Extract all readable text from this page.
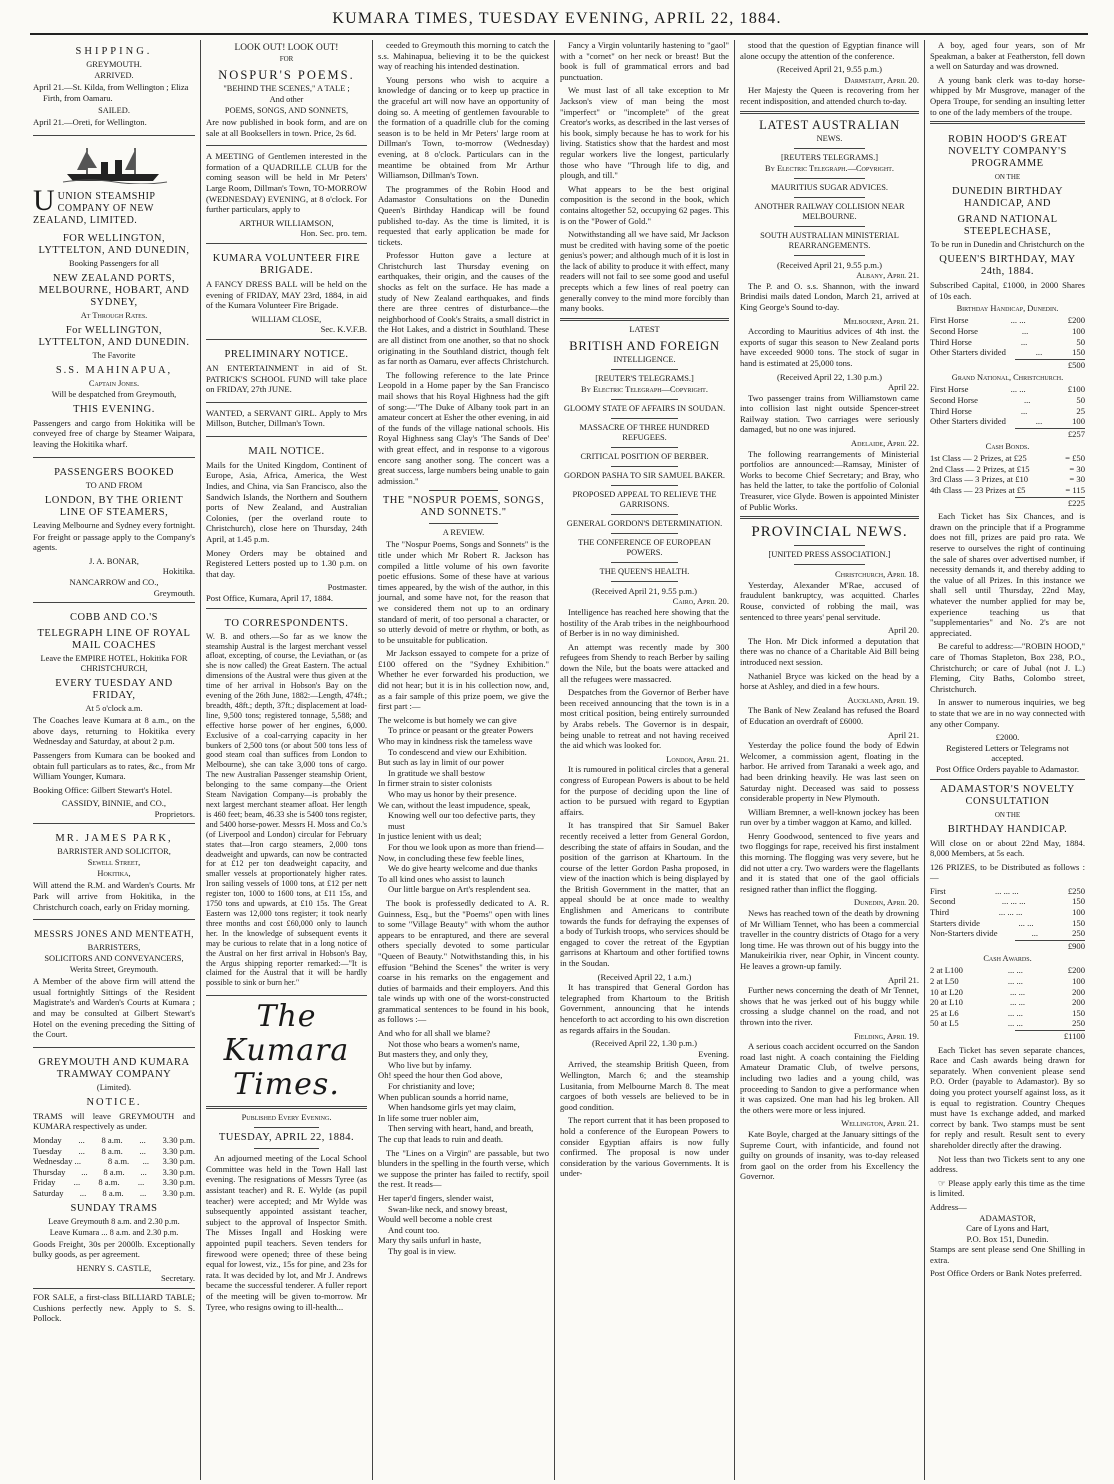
KUMARA TIMES, TUESDAY EVENING, APRIL 22, 1884.
SHIPPING.
GREYMOUTH.
ARRIVED.

April 21.—St. Kilda, from Wellington ; Eliza Firth, from Oamaru.

SAILED.

April 21.—Oreti, for Wellington.

U UNION STEAMSHIP COMPANY OF NEW ZEALAND, LIMITED.
FOR WELLINGTON, LYTTELTON, AND DUNEDIN,
Booking Passengers for all
NEW ZEALAND PORTS, MELBOURNE, HOBART, AND SYDNEY,
At Through Rates.
For WELLINGTON, LYTTELTON, AND DUNEDIN.
The Favorite
S.S. MAHINAPUA,
Captain Jones.
Will be despatched from Greymouth,
THIS EVENING.

Passengers and cargo from Hokitika will be conveyed free of charge by Steamer Waipara, leaving the Hokitika wharf.

PASSENGERS BOOKED
TO AND FROM
LONDON, BY THE ORIENT LINE OF STEAMERS,
Leaving Melbourne and Sydney every fortnight.

For freight or passage apply to the Company's agents.

J. A. BONAR,
Hokitika.
NANCARROW and CO.,
Greymouth.
COBB AND CO.'S
TELEGRAPH LINE OF ROYAL MAIL COACHES
Leave the EMPIRE HOTEL, Hokitika FOR CHRISTCHURCH,
EVERY TUESDAY AND FRIDAY,
At 5 o'clock a.m.

The Coaches leave Kumara at 8 a.m., on the above days, returning to Hokitika every Wednesday and Saturday, at about 2 p.m.

Passengers from Kumara can be booked and obtain full particulars as to rates, &c., from Mr William Younger, Kumara.

Booking Office: Gilbert Stewart's Hotel.

CASSIDY, BINNIE, and CO.,
Proprietors.
MR. JAMES PARK,
BARRISTER AND SOLICITOR,
Sewell Street,
Hokitika,

Will attend the R.M. and Warden's Courts. Mr Park will arrive from Hokitika, in the Christchurch coach, early on Friday morning.

MESSRS JONES AND MENTEATH,
BARRISTERS,
SOLICITORS AND CONVEYANCERS,
Werita Street, Greymouth.

A Member of the above firm will attend the usual fortnightly Sittings of the Resident Magistrate's and Warden's Courts at Kumara ; and may be consulted at Gilbert Stewart's Hotel on the evening preceding the Sitting of the Court.

GREYMOUTH AND KUMARA TRAMWAY COMPANY
(Limited).
NOTICE.

TRAMS will leave GREYMOUTH and KUMARA respectively as under.

Monday ... 8 a.m. ... 3.30 p.m.
Tuesday ... 8 a.m. ... 3.30 p.m.
Wednesday ...	8 a.m. ... 3.30 p.m.
Thursday ... 8 a.m. ... 3.30 p.m.
Friday ... 8 a.m. ... 3.30 p.m.
Saturday ... 8 a.m. ... 3.30 p.m.
SUNDAY TRAMS
Leave Greymouth 8 a.m. and 2.30 p.m.
Leave Kumara ... 8 a.m. and 2.30 p.m.

Goods Freight, 30s per 2000lb. Exceptionally bulky goods, as per agreement.

HENRY S. CASTLE,
Secretary.

FOR SALE, a first-class BILLIARD TABLE; Cushions perfectly new. Apply to S. S. Pollock.

LOOK OUT! LOOK OUT!
FOR
NOSPUR'S POEMS.
"BEHIND THE SCENES," A TALE ;
And other
POEMS, SONGS, AND SONNETS,

Are now published in book form, and are on sale at all Booksellers in town. Price, 2s 6d.

A MEETING of Gentlemen interested in the formation of a QUADRILLE CLUB for the coming season will be held in Mr Peters' Large Room, Dillman's Town, TO-MORROW (WEDNESDAY) EVENING, at 8 o'clock. For further particulars, apply to

ARTHUR WILLIAMSON,
Hon. Sec. pro. tem.
KUMARA VOLUNTEER FIRE BRIGADE.

A FANCY DRESS BALL will be held on the evening of FRIDAY, MAY 23rd, 1884, in aid of the Kumara Volunteer Fire Brigade.

WILLIAM CLOSE,
Sec. K.V.F.B.
PRELIMINARY NOTICE.

AN ENTERTAINMENT in aid of St. PATRICK'S SCHOOL FUND will take place on FRIDAY, 27th JUNE.

WANTED, a SERVANT GIRL. Apply to Mrs Millson, Butcher, Dillman's Town.

MAIL NOTICE.

Mails for the United Kingdom, Continent of Europe, Asia, Africa, America, the West Indies, and China, via San Francisco, also the Sandwich Islands, the Northern and Southern ports of New Zealand, and Australian Colonies, (per the overland route to Christchurch), close here on Thursday, 24th April, at 1.45 p.m.

Money Orders may be obtained and Registered Letters posted up to 1.30 p.m. on that day.

Postmaster.
Post Office, Kumara, April 17, 1884.
TO CORRESPONDENTS.

W. B. and others.—So far as we know the steamship Austral is the largest merchant vessel afloat, excepting, of course, the Leviathan, or (as she is now called) the Great Eastern. The actual dimensions of the Austral were thus given at the time of her arrival in Hobson's Bay on the evening of the 26th June, 1882:—Length, 474ft.; breadth, 48ft.; depth, 37ft.; displacement at load-line, 9,500 tons; registered tonnage, 5,588; and effective horse power of her engines, 6,000. Exclusive of a coal-carrying capacity in her bunkers of 2,500 tons (or about 500 tons less of good steam coal than suffices from London to Melbourne), she can take 3,000 tons of cargo. The new Australian Passenger steamship Orient, belonging to the same company—the Orient Steam Navigation Company—is probably the next largest merchant steamer afloat. Her length is 460 feet; beam, 46.33 she is 5400 tons register, and 5400 horse-power. Messrs H. Moss and Co.'s (of Liverpool and London) circular for February states that—Iron cargo steamers, 2,000 tons deadweight and upwards, can now be contracted for at £12 per ton deadweight capacity, and smaller vessels at proportionately higher rates. Iron sailing vessels of 1000 tons, at £12 per nett register ton, 1000 to 1600 tons, at £11 15s, and 1750 tons and upwards, at £10 15s. The Great Eastern was 12,000 tons register; it took nearly three months and cost £60,000 only to launch her. In the knowledge of subsequent events it may be curious to relate that in a long notice of the Austral on her first arrival in Hobson's Bay, the Argus shipping reporter remarked:—"It is claimed for the Austral that it will be hardly possible to sink or burn her."

The Kumara Times.
Published Every Evening.
TUESDAY, APRIL 22, 1884.

An adjourned meeting of the Local School Committee was held in the Town Hall last evening. The resignations of Messrs Tyree (as assistant teacher) and R. E. Wylde (as pupil teacher) were accepted; and Mr Wylde was subsequently appointed assistant teacher, subject to the approval of Inspector Smith. The Misses Ingall and Hosking were appointed pupil teachers. Seven tenders for firewood were opened; three of these being equal for lowest, viz., 15s for pine, and 23s for rata. It was decided by lot, and Mr J. Andrews became the successful tenderer. A fuller report of the meeting will be given to-morrow. Mr Tyree, who resigns owing to ill-health...

ceeded to Greymouth this morning to catch the s.s. Mahinapua, believing it to be the quickest way of reaching his intended destination.

Young persons who wish to acquire a knowledge of dancing or to keep up practice in the graceful art will now have an opportunity of doing so. A meeting of gentlemen favourable to the formation of a quadrille club for the coming season is to be held in Mr Peters' large room at Dillman's Town, to-morrow (Wednesday) evening, at 8 o'clock. Particulars can in the meantime be obtained from Mr Arthur Williamson, Dillman's Town.

The programmes of the Robin Hood and Adamastor Consultations on the Dunedin Queen's Birthday Handicap will be found published to-day. As the time is limited, it is requested that early application be made for tickets.

Professor Hutton gave a lecture at Christchurch last Thursday evening on earthquakes, their origin, and the causes of the shocks as felt on the surface. He has made a study of New Zealand earthquakes, and finds there are three centres of disturbance—the neighborhood of Cook's Straits, a small district in the Hot Lakes, and a district in Southland. These are all distinct from one another, so that no shock originating in the Southland district, though felt as far north as Oamaru, ever affects Christchurch.

The following reference to the late Prince Leopold in a Home paper by the San Francisco mail shows that his Royal Highness had the gift of song:—"The Duke of Albany took part in an amateur concert at Esher the other evening, in aid of the funds of the village national schools. His Royal Highness sang Clay's 'The Sands of Dee' with great effect, and in response to a vigorous encore sang another song. The concert was a great success, large numbers being unable to gain admission."

THE "NOSPUR POEMS, SONGS, AND SONNETS."
A REVIEW.

The "Nospur Poems, Songs and Sonnets" is the title under which Mr Robert R. Jackson has compiled a little volume of his own favorite poetic effusions. Some of these have at various times appeared, by the wish of the author, in this journal, and some have not, for the reason that we considered them not up to an ordinary standard of merit, of too personal a character, or so utterly devoid of metre or rhythm, or both, as to be unsuitable for publication.

Mr Jackson essayed to compete for a prize of £100 offered on the "Sydney Exhibition." Whether he ever forwarded his production, we did not hear; but it is in his collection now, and, as a fair sample of this prize poem, we give the first part :—

The welcome is but homely we can give

To prince or peasant or the greater Powers

Who may in kindness risk the tameless wave

To condescend and view our Exhibition.

But such as lay in limit of our power

In gratitude we shall bestow

In firmer strain to sister colonists

Who may us honor by their presence.

We can, without the least impudence, speak,

Knowing well our too defective parts, they must

In justice lenient with us deal;

For thou we look upon as more than friend—

Now, in concluding these few feeble lines,

We do give hearty welcome and due thanks

To all kind ones who assist to launch

Our little bargue on Art's resplendent sea.

The book is professedly dedicated to A. R. Guinness, Esq., but the "Poems" open with lines to some "Village Beauty" with whom the author appears to be enraptured, and there are several others specially devoted to some particular "Queen of Beauty." Notwithstanding this, in his effusion "Behind the Scenes" the writer is very coarse in his remarks on the engagement and duties of barmaids and their employers. And this tale winds up with one of the worst-constructed grammatical sentences to be found in his book, as follows :—

And who for all shall we blame?

Not those who bears a women's name,

But masters they, and only they,

Who live but by infamy.

Oh! speed the hour then God above,

For christianity and love;

When publican sounds a horrid name,

When handsome girls yet may claim,

In life some truer nobler aim,

Then serving with heart, hand, and breath,

The cup that leads to ruin and death.

The "Lines on a Virgin" are passable, but two blunders in the spelling in the fourth verse, which we suppose the printer has failed to rectify, spoil the rest. It reads—

Her taper'd fingers, slender waist,

Swan-like neck, and snowy breast,

Would well become a noble crest

And count too.

Mary thy sails unfurl in haste,

Thy goal is in view.

Fancy a Virgin voluntarily hastening to "gaol" with a "cornet" on her neck or breast! But the book is full of grammatical errors and bad punctuation.

We must last of all take exception to Mr Jackson's view of man being the most "imperfect" or "incomplete" of the great Creator's works, as described in the last verses of his book, simply because he has to work for his living. Statistics show that the hardest and most regular workers live the longest, particularly those who have "Through life to dig, and plough, and till."

What appears to be the best original composition is the second in the book, which contains altogether 52, occupying 62 pages. This is on the "Power of Gold."

Notwithstanding all we have said, Mr Jackson must be credited with having some of the poetic genius's power; and although much of it is lost in the lack of ability to produce it with effect, many readers will not fail to see some good and useful precepts which a few lines of real poetry can generally convey to the mind more forcibly than many books.

LATEST
BRITISH AND FOREIGN
INTELLIGENCE.
[REUTER'S TELEGRAMS.]
By Electric Telegraph—Copyright.
GLOOMY STATE OF AFFAIRS IN SOUDAN.
MASSACRE OF THREE HUNDRED REFUGEES.
CRITICAL POSITION OF BERBER.
GORDON PASHA TO SIR SAMUEL BAKER.
PROPOSED APPEAL TO RELIEVE THE GARRISONS.
GENERAL GORDON'S DETERMINATION.
THE CONFERENCE OF EUROPEAN POWERS.
THE QUEEN'S HEALTH.
(Received April 21, 9.55 p.m.)
Cairo, April 20.

Intelligence has reached here showing that the hostility of the Arab tribes in the neighbourhood of Berber is in no way diminished.

An attempt was recently made by 300 refugees from Shendy to reach Berber by sailing down the Nile, but the boats were attacked and all the refugees were massacred.

Despatches from the Governor of Berber have been received announcing that the town is in a most critical position, being entirely surrounded by Arabs rebels. The Governor is in despair, being unable to retreat and not having received the aid which was looked for.

London, April 21.

It is rumoured in political circles that a general congress of European Powers is about to be held for the purpose of deciding upon the line of action to be pursued with regard to Egyptian affairs.

It has transpired that Sir Samuel Baker recently received a letter from General Gordon, describing the state of affairs in Soudan, and the position of the garrison at Khartoum. In the course of the letter Gordon Pasha proposed, in view of the inaction which is being displayed by the British Government in the matter, that an appeal should be at once made to wealthy Englishmen and Americans to contribute towards the funds for defraying the expenses of a body of Turkish troops, who services should be engaged to cover the retreat of the Egyptian garrisons at Khartoum and other fortified towns in the Soudan.

(Received April 22, 1 a.m.)

It has transpired that General Gordon has telegraphed from Khartoum to the British Government, announcing that he intends henceforth to act according to his own discretion as regards affairs in the Soudan.

(Received April 22, 1.30 p.m.)
Evening.

Arrived, the steamship British Queen, from Wellington, March 6; and the steamship Lusitania, from Melbourne March 8. The meat cargoes of both vessels are believed to be in good condition.

The report current that it has been proposed to hold a conference of the European Powers to consider Egyptian affairs is now fully confirmed. The proposal is now under consideration by the various Governments. It is under-

stood that the question of Egyptian finance will alone occupy the attention of the conference.

(Received April 21, 9.55 p.m.)
Darmstadt, April 20.

Her Majesty the Queen is recovering from her recent indisposition, and attended church to-day.

LATEST AUSTRALIAN
NEWS.
[REUTERS TELEGRAMS.]
By Electric Telegraph.—Copyright.
MAURITIUS SUGAR ADVICES.
ANOTHER RAILWAY COLLISION NEAR MELBOURNE.
SOUTH AUSTRALIAN MINISTERIAL REARRANGEMENTS.
(Received April 21, 9.55 p.m.)
Albany, April 21.

The P. and O. s.s. Shannon, with the inward Brindisi mails dated London, March 21, arrived at King George's Sound to-day.

Melbourne, April 21.

According to Mauritius advices of 4th inst. the exports of sugar this season to New Zealand ports have exceeded 9000 tons. The stock of sugar in hand is estimated at 25,000 tons.

(Received April 22, 1.30 p.m.)
April 22.

Two passenger trains from Williamstown came into collision last night outside Spencer-street Railway station. Two carriages were seriously damaged, but no one was injured.

Adelaide, April 22.

The following rearrangements of Ministerial portfolios are announced:—Ramsay, Minister of Works to become Chief Secretary; and Bray, who has held the latter, to take the portfolio of Colonial Treasurer, vice Glyde. Bowen is appointed Minister of Public Works.

PROVINCIAL NEWS.
[UNITED PRESS ASSOCIATION.]
Christchurch, April 18.

Yesterday, Alexander M'Rae, accused of fraudulent bankruptcy, was acquitted. Charles Rouse, convicted of robbing the mail, was sentenced to three years' penal servitude.

April 20.

The Hon. Mr Dick informed a deputation that there was no chance of a Charitable Aid Bill being introduced next session.

Nathaniel Bryce was kicked on the head by a horse at Ashley, and died in a few hours.

Auckland, April 19.

The Bank of New Zealand has refused the Board of Education an overdraft of £6000.

April 21.

Yesterday the police found the body of Edwin Welcomer, a commission agent, floating in the harbor. He arrived from Taranaki a week ago, and had been drinking heavily. He was last seen on Saturday night. Deceased was said to possess considerable property in New Plymouth.

William Bremner, a well-known jockey has been run over by a timber waggon at Kamo, and killed.

Henry Goodwood, sentenced to five years and two floggings for rape, received his first instalment this morning. The flogging was very severe, but he did not utter a cry. Two warders were the flagellants and it is stated that one of the gaol officials resigned rather than inflict the flogging.

Dunedin, April 20.

News has reached town of the death by drowning of Mr William Tennet, who has been a commercial traveller in the country districts of Otago for a very long time. He was thrown out of his buggy into the Manukeirikia river, near Ophir, in Vincent county. He leaves a grown-up family.

April 21.

Further news concerning the death of Mr Tennet, shows that he was jerked out of his buggy while crossing a sludge channel on the road, and not thrown into the river.

Fielding, April 19.

A serious coach accident occurred on the Sandon road last night. A coach containing the Fielding Amateur Dramatic Club, of twelve persons, including two ladies and a young child, was proceeding to Sandon to give a performance when it was capsized. One man had his leg broken. All the others were more or less injured.

Wellington, April 21.

Kate Boyle, charged at the January sittings of the Supreme Court, with infanticide, and found not guilty on grounds of insanity, was to-day released from gaol on the order from his Excellency the Governor.

A boy, aged four years, son of Mr Speakman, a baker at Featherston, fell down a well on Saturday and was drowned.

A young bank clerk was to-day horse-whipped by Mr Musgrove, manager of the Opera Troupe, for sending an insulting letter to one of the lady members of the troupe.

ROBIN HOOD'S GREAT NOVELTY COMPANY'S PROGRAMME
ON THE
DUNEDIN BIRTHDAY HANDICAP, AND
GRAND NATIONAL STEEPLECHASE,
To be run in Dunedin and Christchurch on the
QUEEN'S BIRTHDAY, MAY 24th, 1884.

Subscribed Capital, £1000, in 2000 Shares of 10s each.

Birthday Handicap, Dunedin.
First Horse	... ...	£200
Second Horse	...	100
Third Horse	...	50
Other Starters divided	...	150
£500
Grand National, Christchurch.
First Horse	... ...	£100
Second Horse	...	50
Third Horse	...	25
Other Starters divided	...	100
£257
Cash Bonds.
1st Class — 2 Prizes, at £25	= £50
2nd Class — 2 Prizes, at £15	= 30
3rd Class — 3 Prizes, at £10	= 30
4th Class — 23 Prizes at £5	= 115
£225

Each Ticket has Six Chances, and is drawn on the principle that if a Programme does not fill, prizes are paid pro rata. We reserve to ourselves the right of continuing the sale of shares over advertised number, if necessity demands it, and thereby adding to the value of all Prizes. In this instance we shall sell until Thursday, 22nd May, whatever the number applied for may be, experience teaching us that "supplementaries" and No. 2's are not appreciated.

Be careful to address:—"ROBIN HOOD," care of Thomas Stapleton, Box 238, P.O., Christchurch; or care of Jubal (not J. L.) Fleming, City Baths, Colombo street, Christchurch.

In answer to numerous inquiries, we beg to state that we are in no way connected with any other Company.

£2000.
Registered Letters or Telegrams not accepted.
Post Office Orders payable to Adamastor.
ADAMASTOR'S NOVELTY CONSULTATION
ON THE
BIRTHDAY HANDICAP.

Will close on or about 22nd May, 1884. 8,000 Members, at 5s each.

126 PRIZES, to be Distributed as follows :—

First	... ... ...	£250
Second	... ... ...	150
Third	... ... ...	100
Starters divide	... ...	150
Non-Starters divide	...	250
£900
Cash Awards.
2 at L100	... ...	£200
2 at L50	... ...	100
10 at L20	... ...	200
20 at L10	... ...	200
25 at L6	... ...	150
50 at L5	... ...	250
£1100

Each Ticket has seven separate chances, Race and Cash awards being drawn for separately. When convenient please send P.O. Order (payable to Adamastor). By so doing you protect yourself against loss, as it is equal to registration. Country Cheques must have 1s exchange added, and marked correct by bank. Two stamps must be sent for reply and result. Result sent to every shareholder directly after the drawing.

Not less than two Tickets sent to any one address.

☞ Please apply early this time as the time is limited.

Address—
ADAMASTOR,
Care of Lyons and Hart,
P.O. Box 151, Dunedin.

Stamps are sent please send One Shilling in extra.

Post Office Orders or Bank Notes preferred.
